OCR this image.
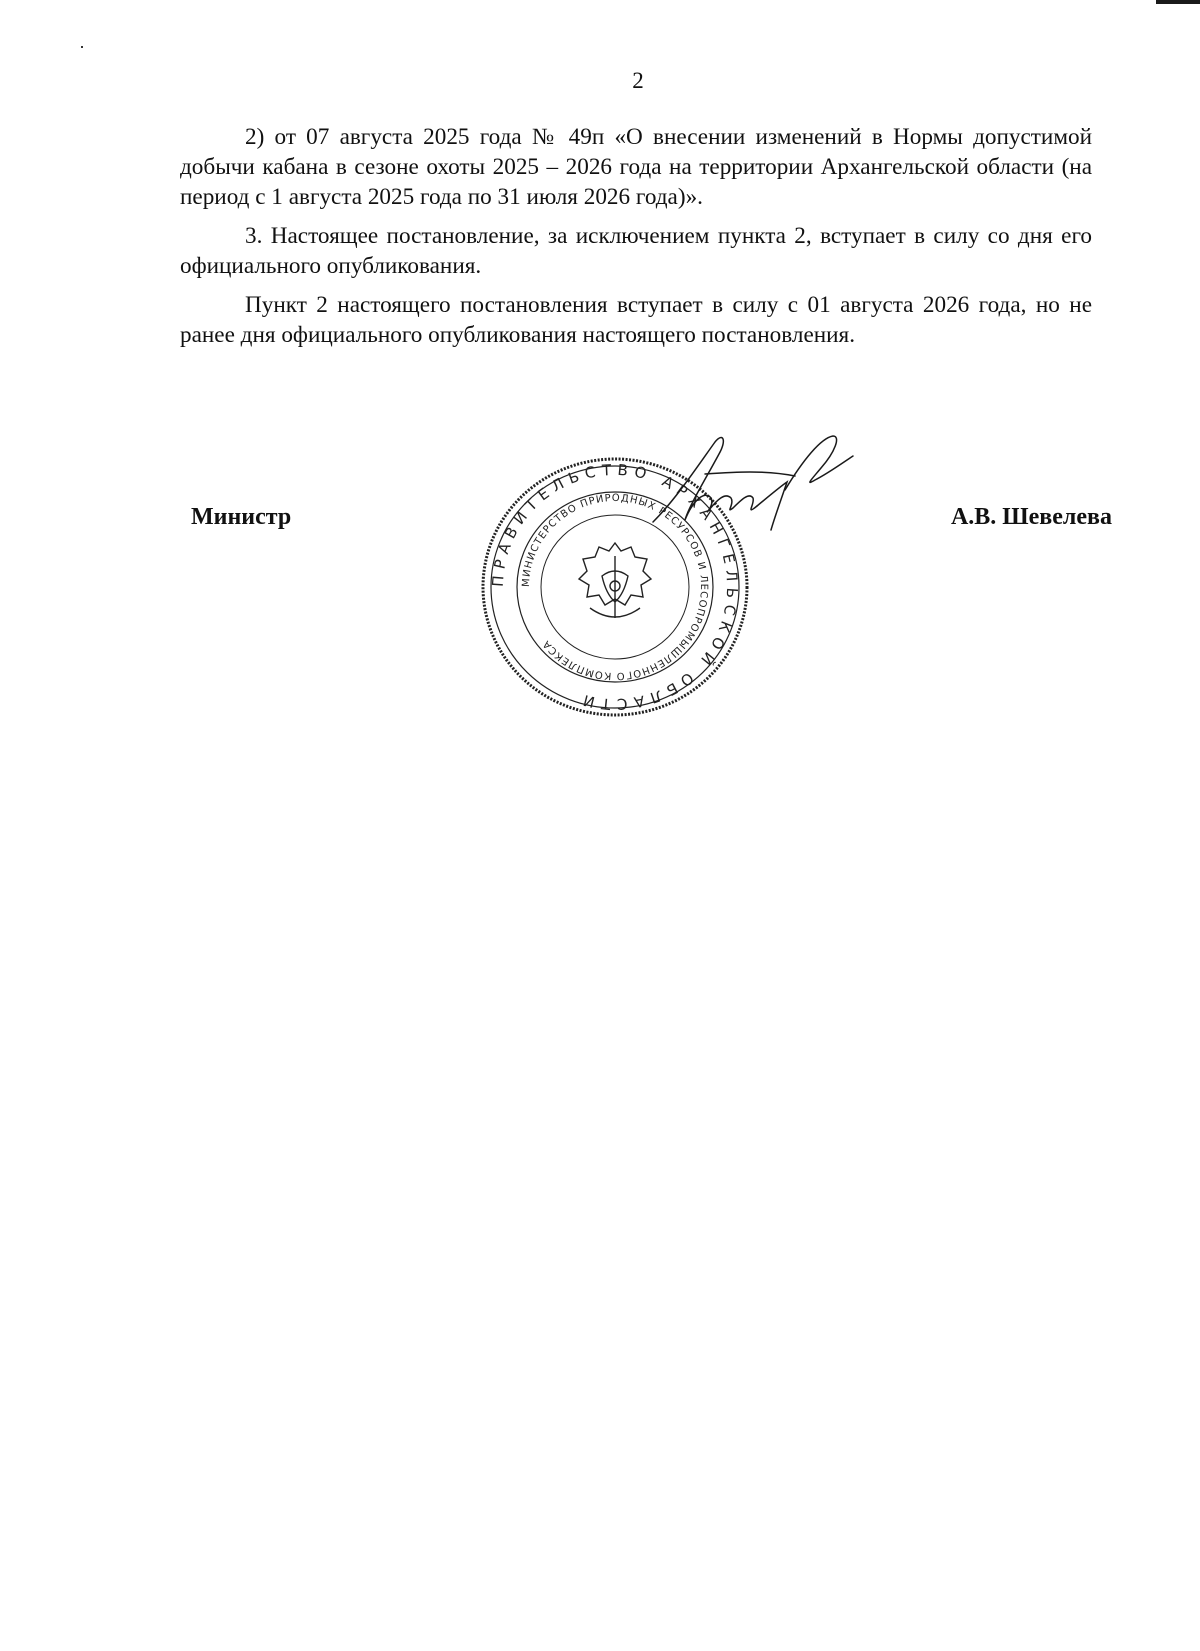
2

2) от 07 августа 2025 года № 49п «О внесении изменений в Нормы допустимой добычи кабана в сезоне охоты 2025 – 2026 года на территории Архангельской области (на период с 1 августа 2025 года по 31 июля 2026 года)».

3. Настоящее постановление, за исключением пункта 2, вступает в силу со дня его официального опубликования.

Пункт 2 настоящего постановления вступает в силу с 01 августа 2026 года, но не ранее дня официального опубликования настоящего постановления.

Министр	А.В. Шевелева
ПРАВИТЕЛЬСТВО АРХАНГЕЛЬСКОЙ ОБЛАСТИ
МИНИСТЕРСТВО ПРИРОДНЫХ РЕСУРСОВ И ЛЕСОПРОМЫШЛЕННОГО КОМПЛЕКСА
